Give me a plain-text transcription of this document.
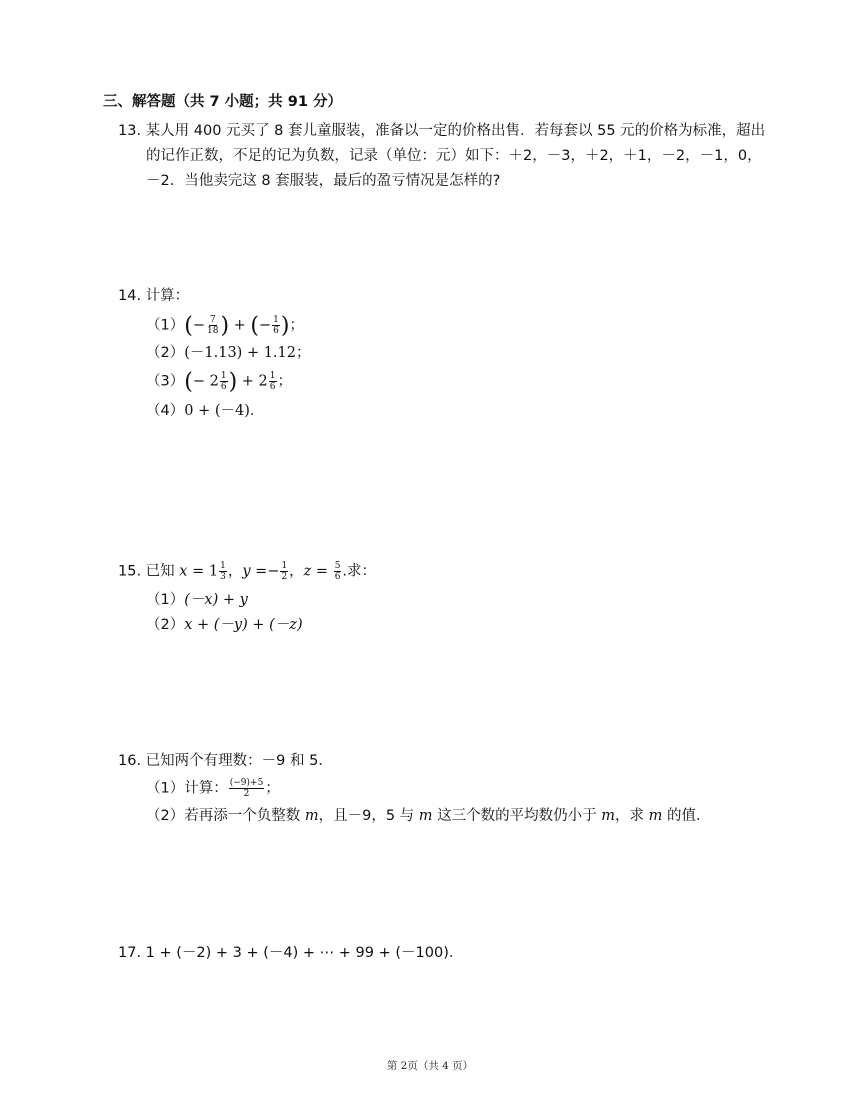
三、解答题（共 7 小题；共 91 分）
13. 某人用 400 元买了 8 套儿童服装，准备以一定的价格出售．若每套以 55 元的价格为标准，超出
的记作正数，不足的记为负数，记录（单位：元）如下：＋2，－3，＋2，＋1，－2，－1，0，
－2．当他卖完这 8 套服装，最后的盈亏情况是怎样的?
14. 计算：
$(1)(- \frac{7}{18}$ ) + (− $\frac{1}{6}$ )；
（2）(－1.13) + 1.12；
$(3)(- 2 \frac{1}{6}$ ) + $2 \frac{1}{6}$ ；
（4）0 + (－4)．
15. 已知 $x = 1 \frac{1}{3}$ ，$y =- \frac{1}{2}$ ，$z = \frac{5}{6}$ .求：
（1）(－x) + y
（2）x + (－y) + (－z)
16. 已知两个有理数：－9 和 5．
（1）计算： $\frac{(-9)+5}{2}$ ；
（2）若再添一个负整数 m，且－9，5 与 m 这三个数的平均数仍小于 m，求 m 的值．
17. 1 + (－2) + 3 + (－4) + ⋯ + 99 + (－100)．
第 2页（共 4 页）
